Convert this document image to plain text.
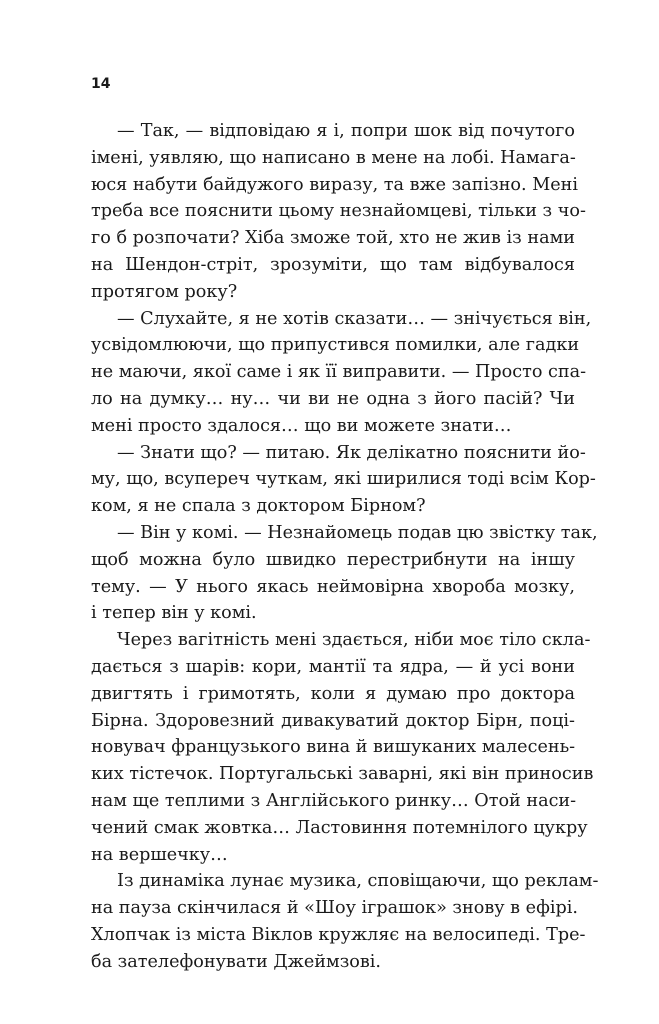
14
— Так, — відповідаю я і, попри шок від почутого
імені, уявляю, що написано в мене на лобі. Намага-
юся набути байдужого виразу, та вже запізно. Мені
треба все пояснити цьому незнайомцеві, тільки з чо-
го б розпочати? Хіба зможе той, хто не жив із нами
на Шендон-стріт, зрозуміти, що там відбувалося
протягом року?
— Слухайте, я не хотів сказати… — знічується він,
усвідомлюючи, що припустився помилки, але гадки
не маючи, якої саме і як її виправити. — Просто спа-
ло на думку… ну… чи ви не одна з його пасій? Чи
мені просто здалося… що ви можете знати…
— Знати що? — питаю. Як делікатно пояснити йо-
му, що, всупереч чуткам, які ширилися тоді всім Кор-
ком, я не спала з доктором Бірном?
— Він у комі. — Незнайомець подав цю звістку так,
щоб можна було швидко перестрибнути на іншу
тему. — У нього якась неймовірна хвороба мозку,
і тепер він у комі.
Через вагітність мені здається, ніби моє тіло скла-
дається з шарів: кори, мантії та ядра, — й усі вони
двигтять і гримотять, коли я думаю про доктора
Бірна. Здоровезний дивакуватий доктор Бірн, поці-
новувач французького вина й вишуканих малесень-
ких тістечок. Португальські заварні, які він приносив
нам ще теплими з Англійського ринку… Отой наси-
чений смак жовтка… Ластовиння потемнілого цукру
на вершечку…
Із динаміка лунає музика, сповіщаючи, що реклам-
на пауза скінчилася й «Шоу іграшок» знову в ефірі.
Хлопчак із міста Віклов кружляє на велосипеді. Тре-
ба зателефонувати Джеймзові.
